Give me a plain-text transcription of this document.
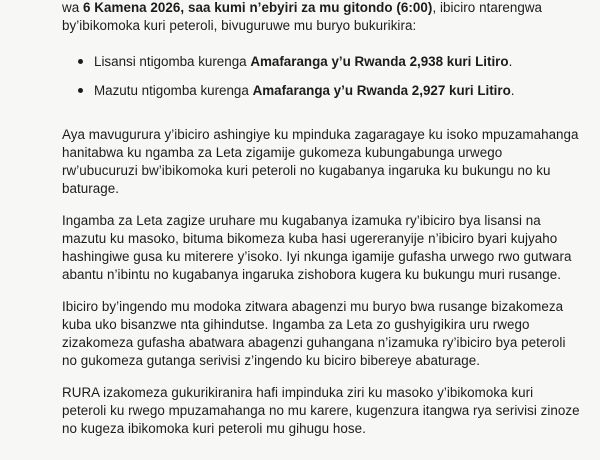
wa 6 Kamena 2026, saa kumi n’ebyiri za mu gitondo (6:00), ibiciro ntarengwa
by’ibikomoka kuri peteroli, bivuguruwe mu buryo bukurikira:
Lisansi ntigomba kurenga Amafaranga y’u Rwanda 2,938 kuri Litiro.
Mazutu ntigomba kurenga Amafaranga y’u Rwanda 2,927 kuri Litiro.
Aya mavugurura y’ibiciro ashingiye ku mpinduka zagaragaye ku isoko mpuzamahanga
hanitabwa ku ngamba za Leta zigamije gukomeza kubungabunga urwego
rw’ubucuruzi bw’ibikomoka kuri peteroli no kugabanya ingaruka ku bukungu no ku
baturage.
Ingamba za Leta zagize uruhare mu kugabanya izamuka ry’ibiciro bya lisansi na
mazutu ku masoko, bituma bikomeza kuba hasi ugereranyije n’ibiciro byari kujyaho
hashingiwe gusa ku miterere y’isoko. Iyi nkunga igamije gufasha urwego rwo gutwara
abantu n’ibintu no kugabanya ingaruka zishobora kugera ku bukungu muri rusange.
Ibiciro by’ingendo mu modoka zitwara abagenzi mu buryo bwa rusange bizakomeza
kuba uko bisanzwe nta gihindutse. Ingamba za Leta zo gushyigikira uru rwego
zizakomeza gufasha abatwara abagenzi guhangana n’izamuka ry’ibiciro bya peteroli
no gukomeza gutanga serivisi z’ingendo ku biciro bibereye abaturage.
RURA izakomeza gukurikiranira hafi impinduka ziri ku masoko y’ibikomoka kuri
peteroli ku rwego mpuzamahanga no mu karere, kugenzura itangwa rya serivisi zinoze
no kugeza ibikomoka kuri peteroli mu gihugu hose.
